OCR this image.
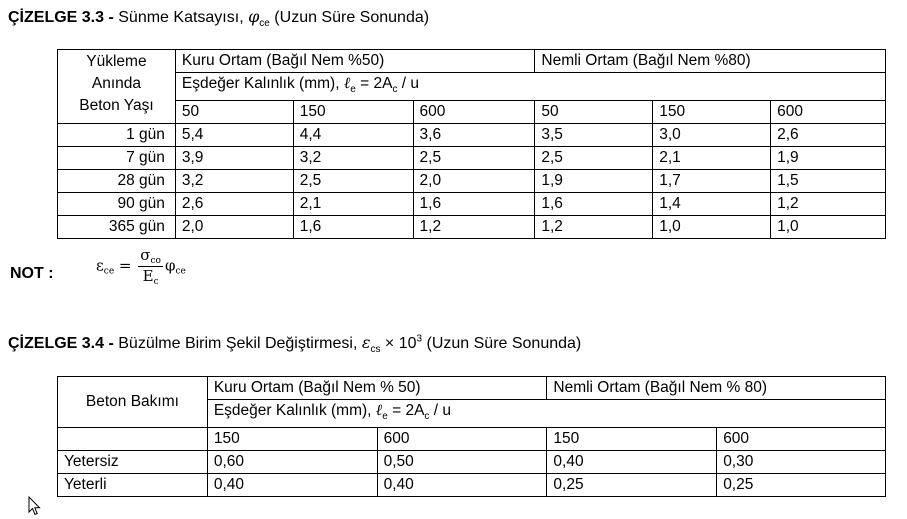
ÇİZELGE 3.3 - Sünme Katsayısı, $\varphi_{ce}$ (Uzun Süre Sonunda)
Yükleme
Anında
Beton Yaşı	Kuru Ortam (Bağıl Nem %50)			Nemli Ortam (Bağıl Nem %80)		
	Eşdeğer Kalınlık (mm), ℓ$_e$ = $2A_c$ / u					
	50	150	600	50	150	600
1 gün	5,4	4,4	3,6	3,5	3,0	2,6
7 gün	3,9	3,2	2,5	2,5	2,1	1,9
28 gün	3,2	2,5	2,0	1,9	1,7	1,5
90 gün	2,6	2,1	1,6	1,6	1,4	1,2
365 gün	2,0	1,6	1,2	1,2	1,0	1,0
NOT :	$\varepsilon_{ce} = \frac{\sigma_{co}}{E_c} \varphi_{ce}$
ÇİZELGE 3.4 - Büzülme Birim Şekil Değiştirmesi, $\varepsilon_{cs} \times 10^3$ (Uzun Süre Sonunda)
Beton Bakımı	Kuru Ortam (Bağıl Nem % 50)		Nemli Ortam (Bağıl Nem % 80)	
	Eşdeğer Kalınlık (mm), ℓ$_e$ = $2A_c$ / u			
	150	600	150	600
Yetersiz	0,60	0,50	0,40	0,30
Yeterli	0,40	0,40	0,25	0,25
